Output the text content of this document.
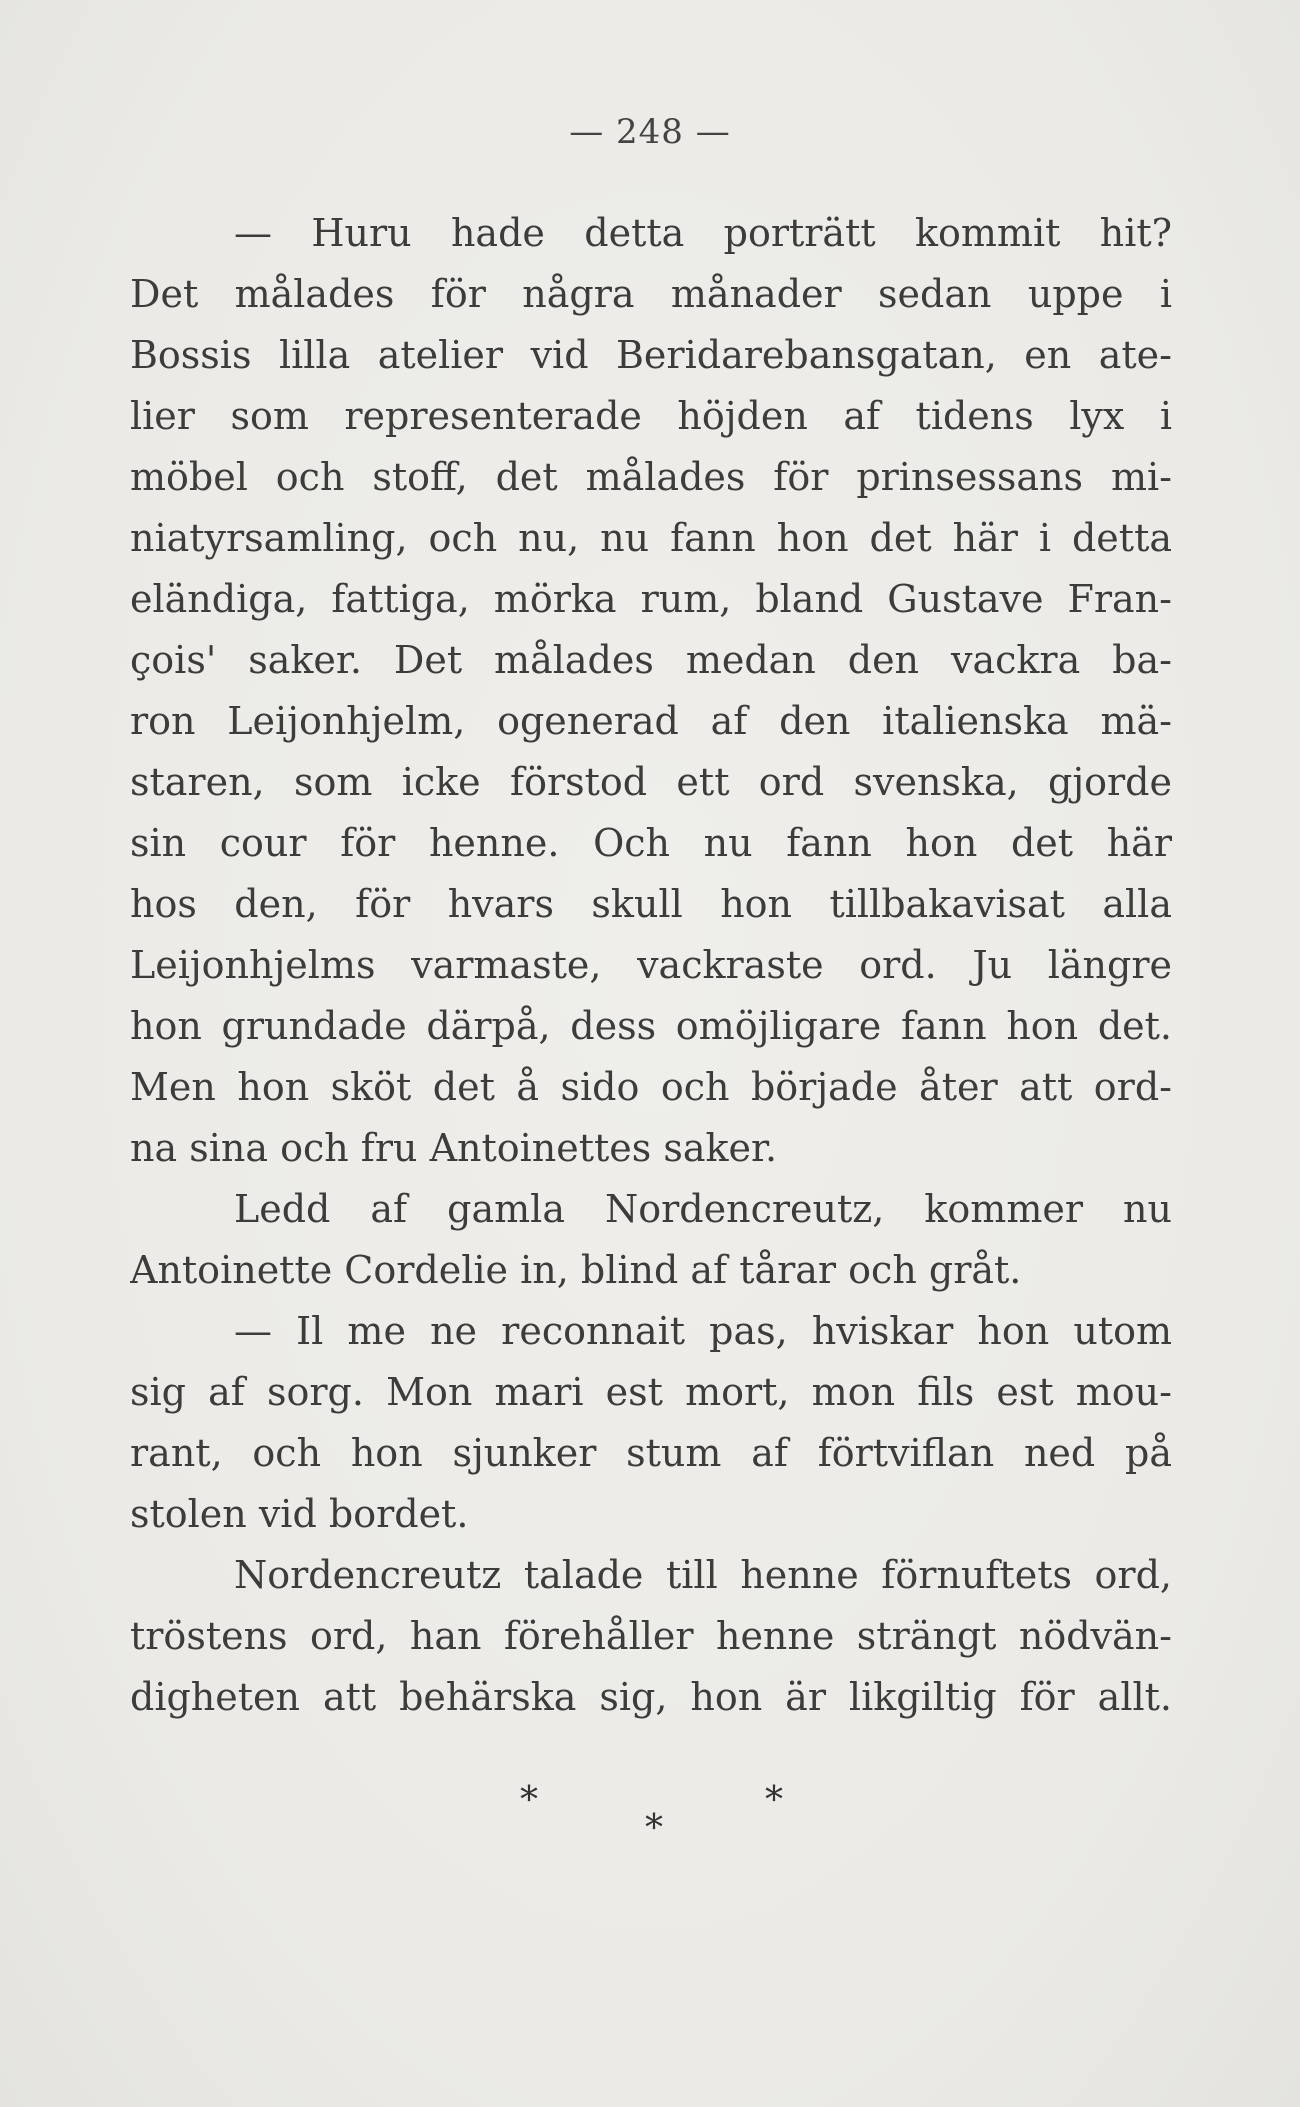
— 248 —
— Huru hade detta porträtt kommit hit?
Det målades för några månader sedan uppe i
Bossis lilla atelier vid Beridarebansgatan, en ate-
lier som representerade höjden af tidens lyx i
möbel och stoff, det målades för prinsessans mi-
niatyrsamling, och nu, nu fann hon det här i detta
eländiga, fattiga, mörka rum, bland Gustave Fran-
çois' saker. Det målades medan den vackra ba-
ron Leijonhjelm, ogenerad af den italienska mä-
staren, som icke förstod ett ord svenska, gjorde
sin cour för henne. Och nu fann hon det här
hos den, för hvars skull hon tillbakavisat alla
Leijonhjelms varmaste, vackraste ord. Ju längre
hon grundade därpå, dess omöjligare fann hon det.
Men hon sköt det å sido och började åter att ord-
na sina och fru Antoinettes saker.
Ledd af gamla Nordencreutz, kommer nu
Antoinette Cordelie in, blind af tårar och gråt.
— Il me ne reconnait pas, hviskar hon utom
sig af sorg. Mon mari est mort, mon fils est mou-
rant, och hon sjunker stum af förtviflan ned på
stolen vid bordet.
Nordencreutz talade till henne förnuftets ord,
tröstens ord, han förehåller henne strängt nödvän-
digheten att behärska sig, hon är likgiltig för allt.
*
*
*
